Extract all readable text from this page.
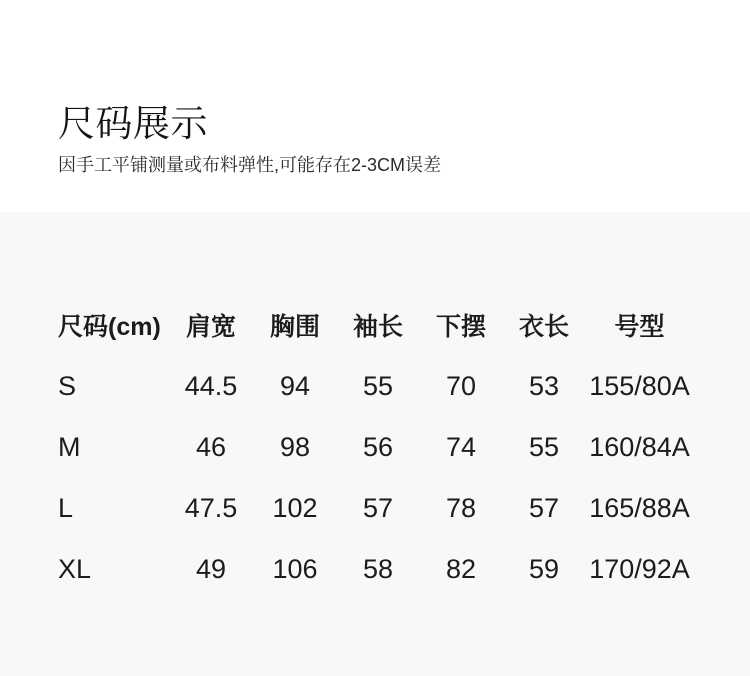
尺码展示

因手工平铺测量或布料弹性,可能存在2-3CM误差

尺码(cm)	肩宽	胸围	袖长	下摆	衣长	号型
S	44.5	94	55	70	53	155/80A
M	46	98	56	74	55	160/84A
L	47.5	102	57	78	57	165/88A
XL	49	106	58	82	59	170/92A
